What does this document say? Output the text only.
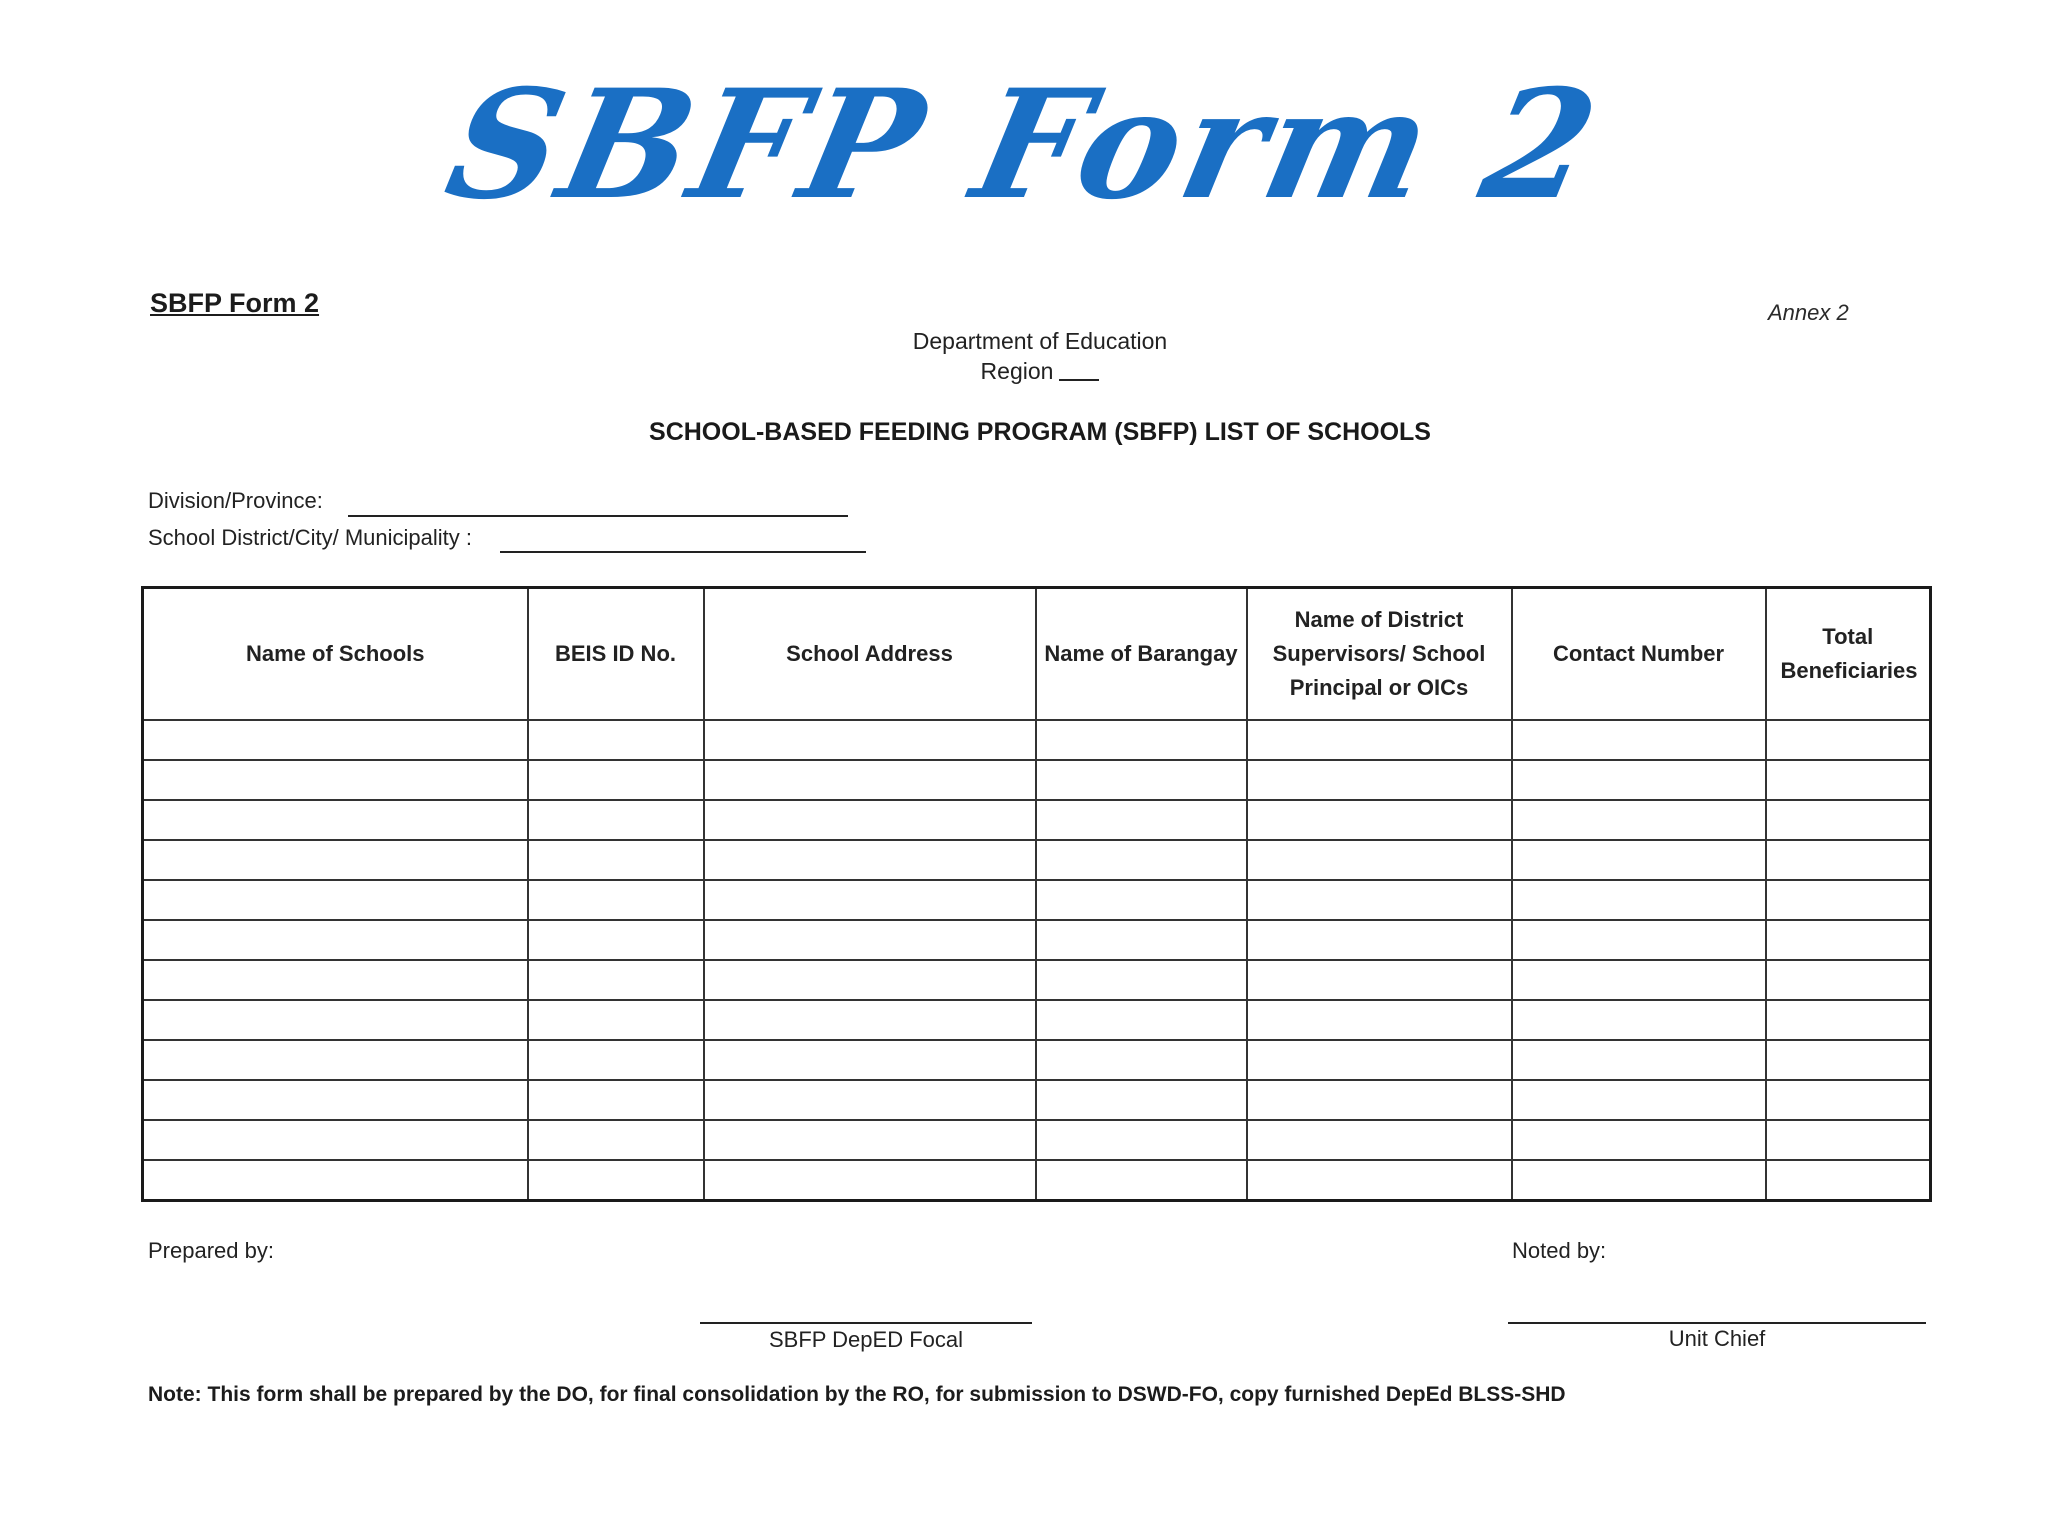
SBFP Form 2
SBFP Form 2	Annex 2
Department of Education
Region
SCHOOL-BASED FEEDING PROGRAM (SBFP) LIST OF SCHOOLS
Division/Province:
School District/City/ Municipality :
Name of Schools	BEIS ID No.	School Address	Name of Barangay	Name of District Supervisors/ School Principal or OICs	Contact Number	Total Beneficiaries

Prepared by:	Noted by:
SBFP DepED Focal	Unit Chief
Note: This form shall be prepared by the DO, for final consolidation by the RO, for submission to DSWD-FO, copy furnished DepEd BLSS-SHD
